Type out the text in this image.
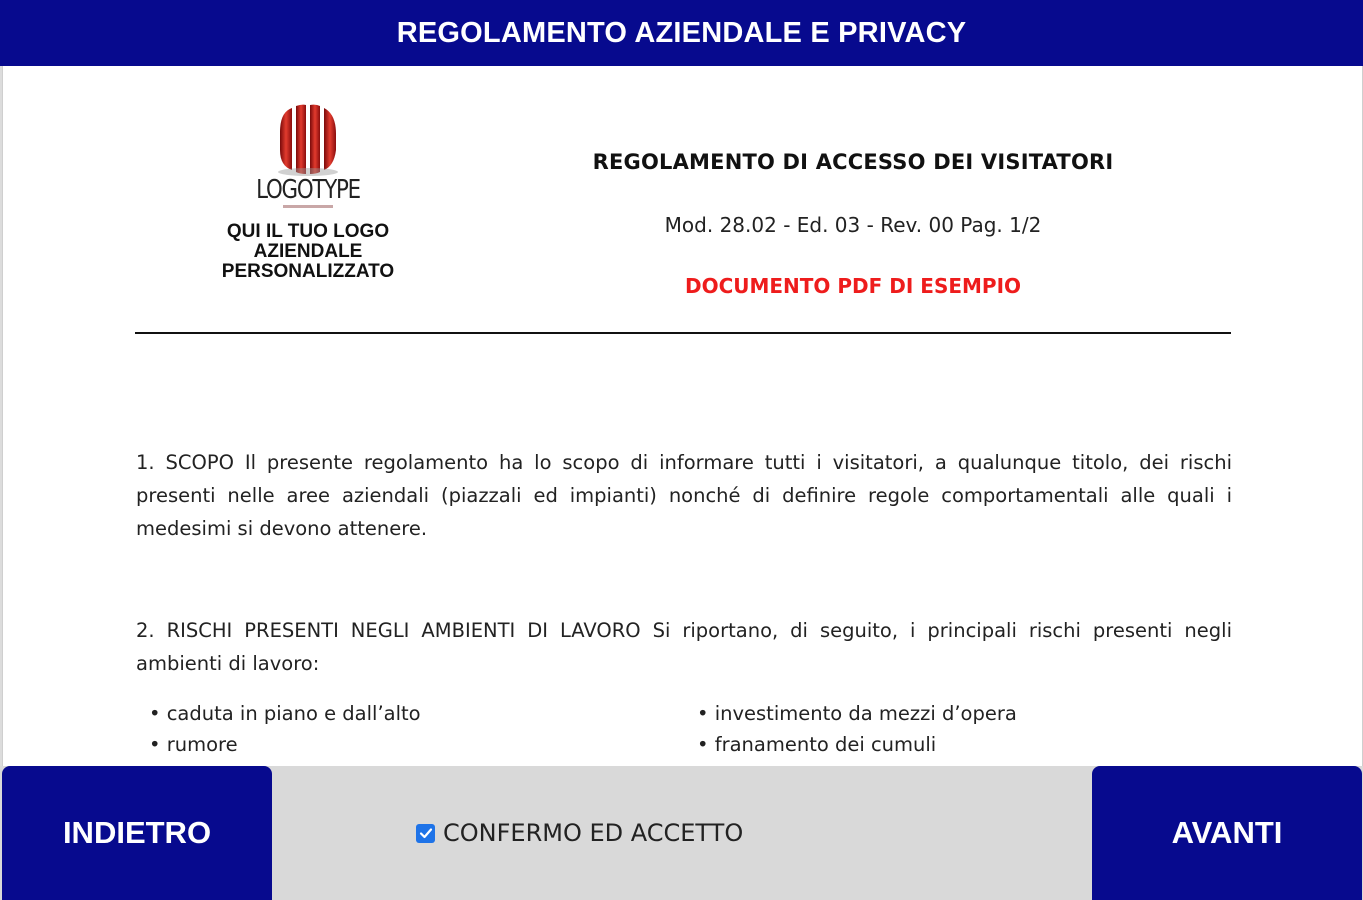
REGOLAMENTO AZIENDALE E PRIVACY
LOGOTYPE
QUI IL TUO LOGO
AZIENDALE
PERSONALIZZATO
REGOLAMENTO DI ACCESSO DEI VISITATORI
Mod. 28.02 - Ed. 03 - Rev. 00 Pag. 1/2
DOCUMENTO PDF DI ESEMPIO
1. SCOPO Il presente regolamento ha lo scopo di informare tutti i visitatori, a qualunque titolo, dei rischi presenti nelle aree aziendali (piazzali ed impianti) nonché di definire regole comportamentali alle quali i medesimi si devono attenere.
2. RISCHI PRESENTI NEGLI AMBIENTI DI LAVORO Si riportano, di seguito, i principali rischi presenti negli ambienti di lavoro:
• caduta in piano e dall’alto	• investimento da mezzi d’opera
• rumore	• franamento dei cumuli
INDIETRO	CONFERMO ED ACCETTO	AVANTI
